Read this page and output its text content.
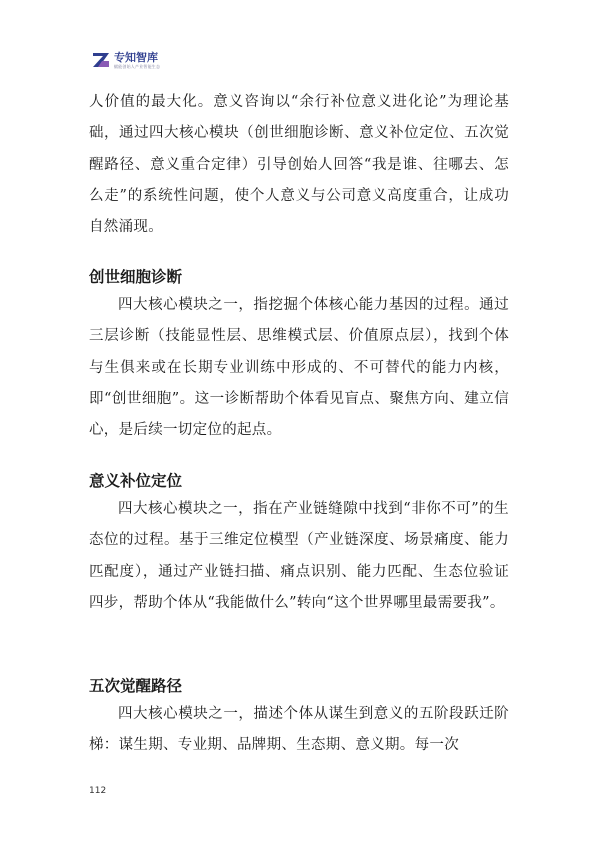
专知智库
赋能创始人产业智能生态

人价值的最大化。意义咨询以“余行补位意义进化论”为理论基础，通过四大核心模块（创世细胞诊断、意义补位定位、五次觉醒路径、意义重合定律）引导创始人回答“我是谁、往哪去、怎么走”的系统性问题，使个人意义与公司意义高度重合，让成功自然涌现。

创世细胞诊断

四大核心模块之一，指挖掘个体核心能力基因的过程。通过三层诊断（技能显性层、思维模式层、价值原点层），找到个体与生俱来或在长期专业训练中形成的、不可替代的能力内核，即“创世细胞”。这一诊断帮助个体看见盲点、聚焦方向、建立信心，是后续一切定位的起点。

意义补位定位

四大核心模块之一，指在产业链缝隙中找到“非你不可”的生态位的过程。基于三维定位模型（产业链深度、场景痛度、能力匹配度），通过产业链扫描、痛点识别、能力匹配、生态位验证四步，帮助个体从“我能做什么”转向“这个世界哪里最需要我”。

五次觉醒路径

四大核心模块之一，描述个体从谋生到意义的五阶段跃迁阶梯：谋生期、专业期、品牌期、生态期、意义期。每一次

112
